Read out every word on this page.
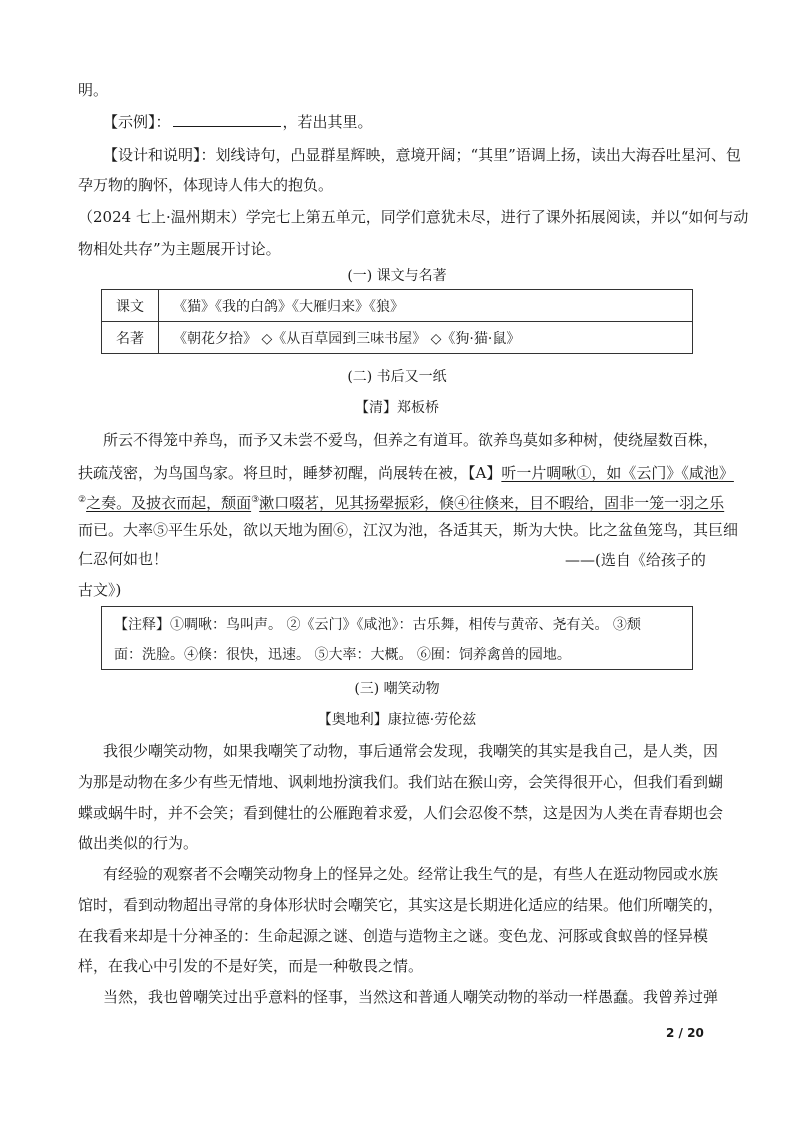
明。
【示例】：	，若出其里。
【设计和说明】：划线诗句，凸显群星辉映，意境开阔；“其里”语调上扬，读出大海吞吐星河、包
孕万物的胸怀，体现诗人伟大的抱负。
（2024 七上·温州期末）学完七上第五单元，同学们意犹未尽，进行了课外拓展阅读，并以“如何与动
物相处共存”为主题展开讨论。
(一) 课文与名著
课文	《猫》《我的白鸽》《大雁归来》《狼》
名著	《朝花夕拾》 ◇《从百草园到三味书屋》 ◇《狗·猫·鼠》
(二) 书后又一纸
【清】郑板桥
所云不得笼中养鸟，而予又未尝不爱鸟，但养之有道耳。欲养鸟莫如多种树，使绕屋数百株，
扶疏茂密，为鸟国鸟家。将旦时，睡梦初醒，尚展转在被，【A】听一片啁啾①，如《云门》《咸池》
②之奏。及披衣而起，颓面③漱口啜茗，见其扬翚振彩，倏④往倏来，目不暇给，固非一笼一羽之乐
而已。大率⑤平生乐处，欲以天地为囿⑥，江汉为池，各适其天，斯为大快。比之盆鱼笼鸟，其巨细
仁忍何如也！	——(选自《给孩子的
古文》)
【注释】①啁啾：鸟叫声。 ②《云门》《咸池》：古乐舞，相传与黄帝、尧有关。 ③颓
面：洗脸。④倏：很快，迅速。 ⑤大率：大概。 ⑥囿：饲养禽兽的园地。
(三) 嘲笑动物
【奥地利】康拉德·劳伦兹
我很少嘲笑动物，如果我嘲笑了动物，事后通常会发现，我嘲笑的其实是我自己，是人类，因
为那是动物在多少有些无情地、讽刺地扮演我们。我们站在猴山旁，会笑得很开心，但我们看到蝴
蝶或蜗牛时，并不会笑；看到健壮的公雁跑着求爱，人们会忍俊不禁，这是因为人类在青春期也会
做出类似的行为。
有经验的观察者不会嘲笑动物身上的怪异之处。经常让我生气的是，有些人在逛动物园或水族
馆时，看到动物超出寻常的身体形状时会嘲笑它，其实这是长期进化适应的结果。他们所嘲笑的，
在我看来却是十分神圣的：生命起源之谜、创造与造物主之谜。变色龙、河豚或食蚁兽的怪异模
样，在我心中引发的不是好笑，而是一种敬畏之情。
当然，我也曾嘲笑过出乎意料的怪事，当然这和普通人嘲笑动物的举动一样愚蠢。我曾养过弹
2 / 20
